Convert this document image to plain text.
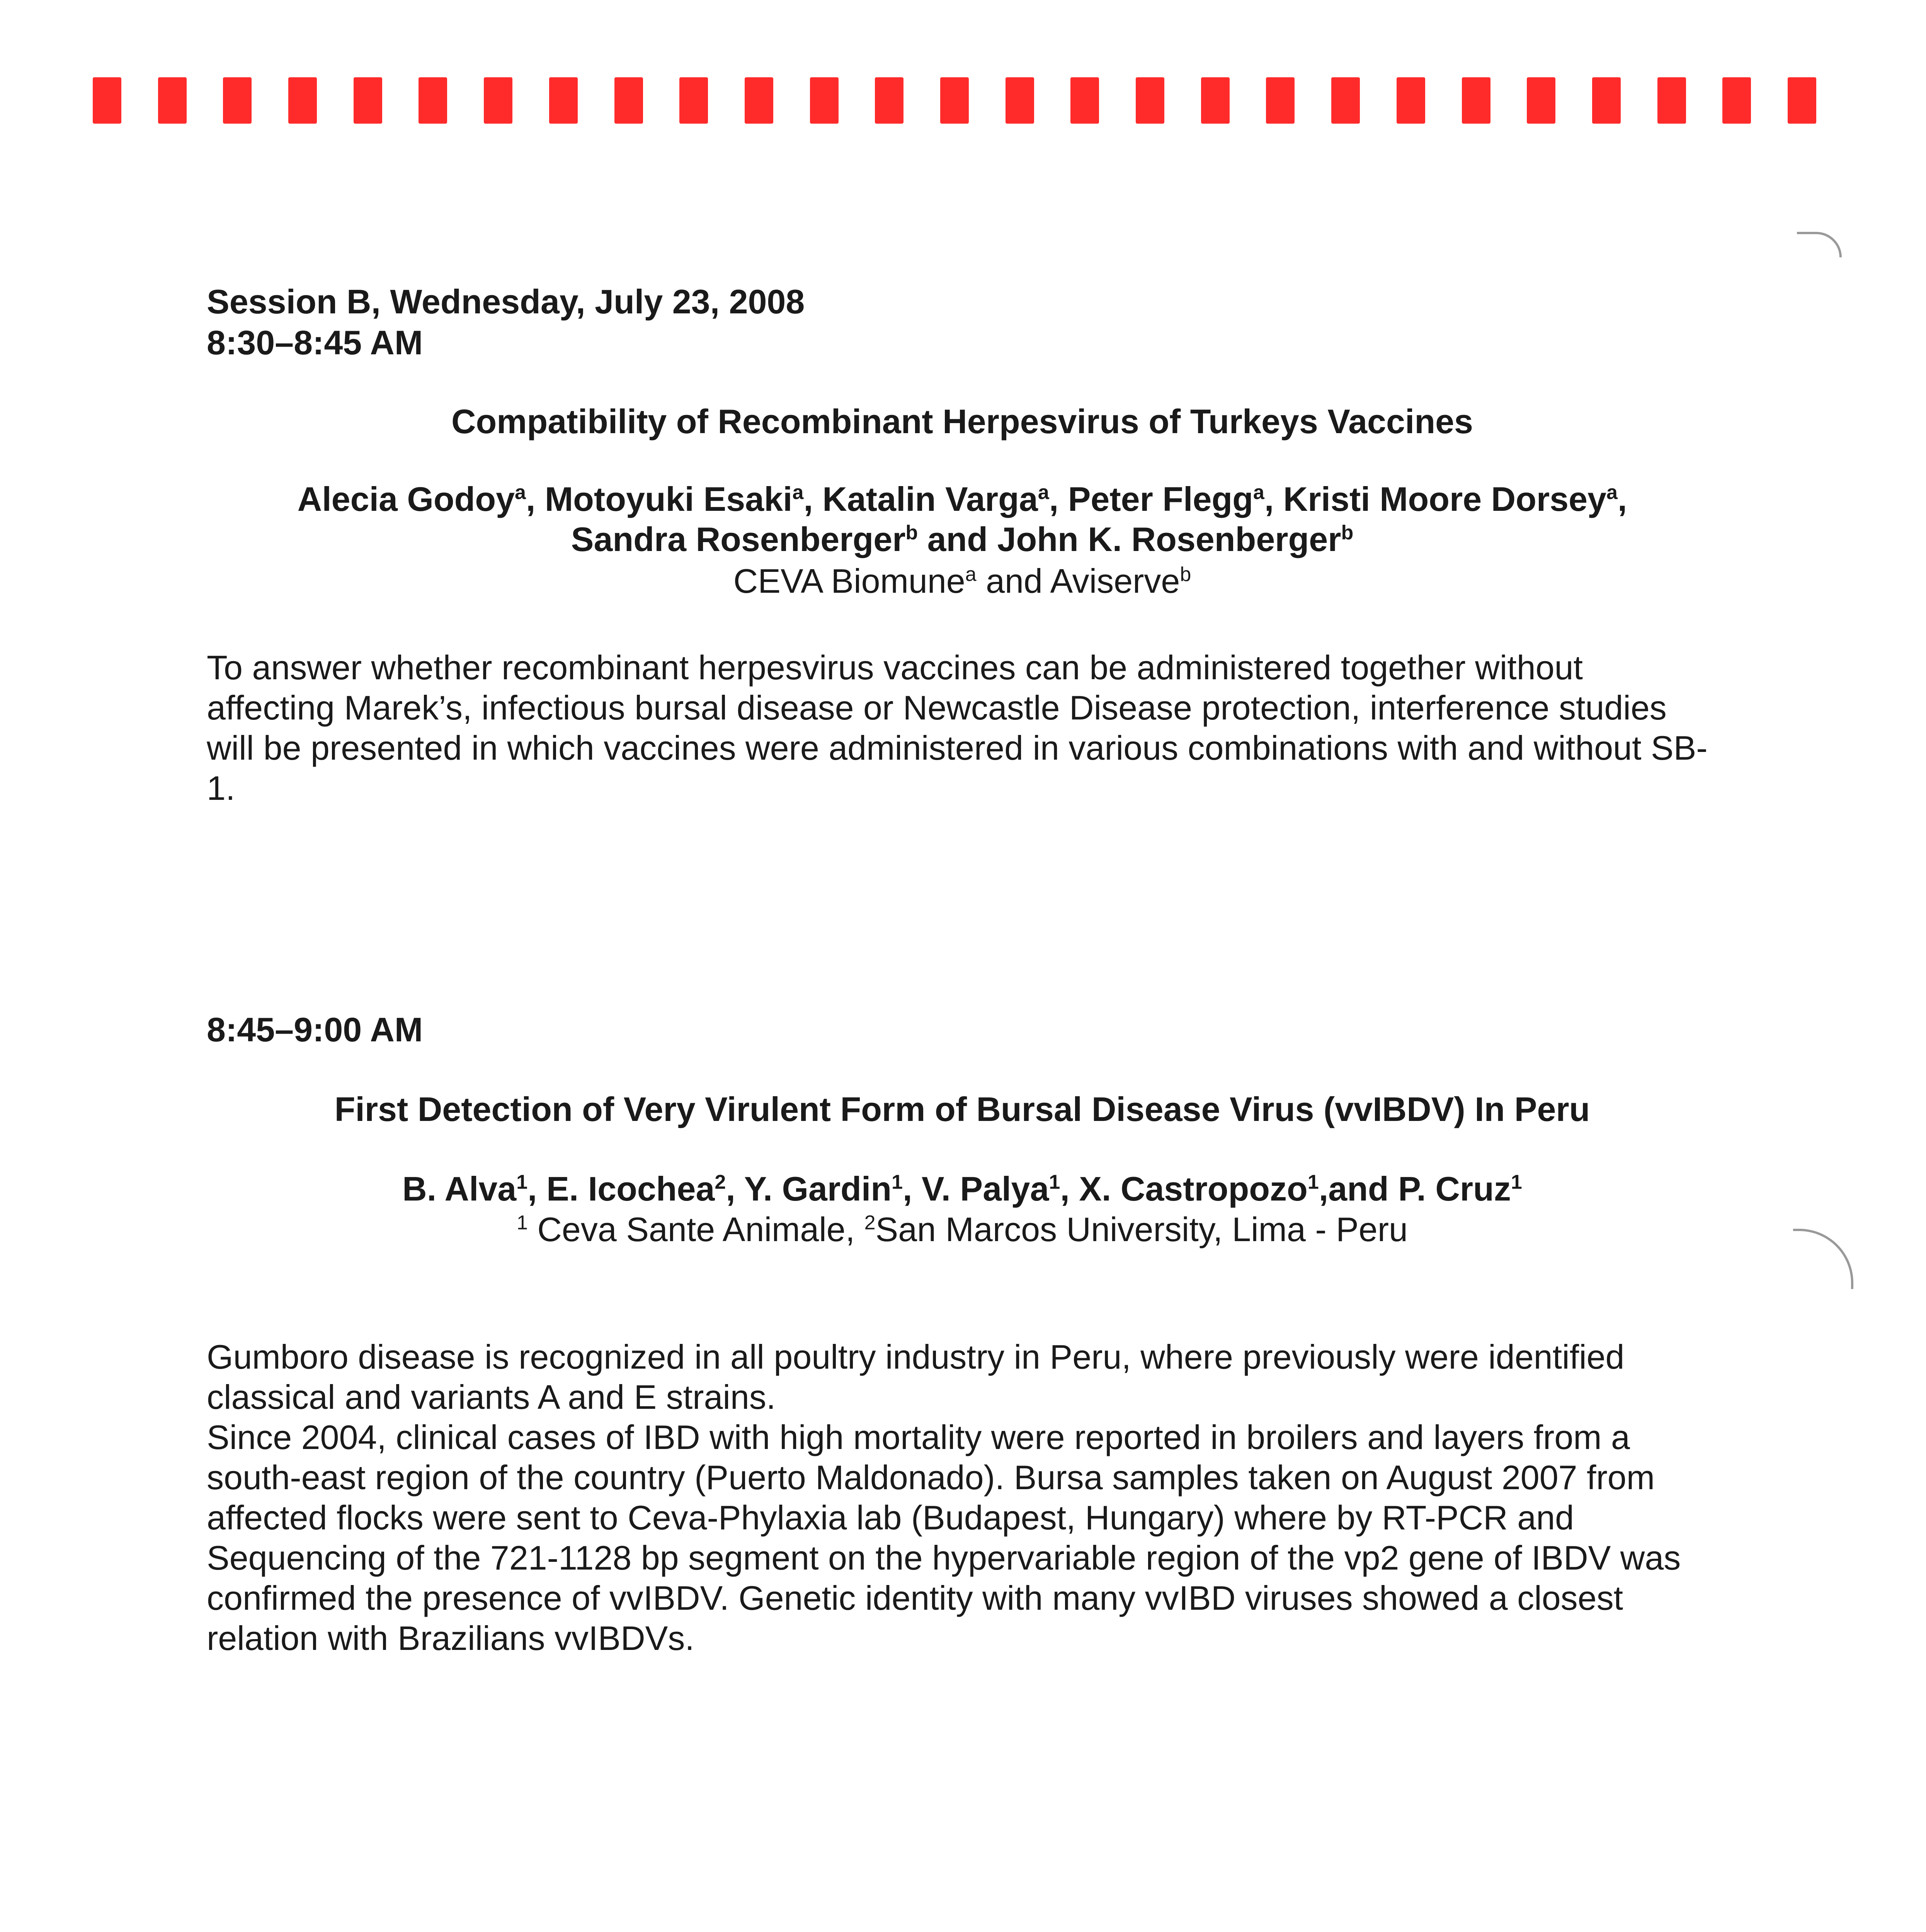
Session B, Wednesday, July 23, 2008
8:30–8:45 AM

Compatibility of Recombinant Herpesvirus of Turkeys Vaccines

Alecia Godoy$^a$, Motoyuki Esaki$^a$, Katalin Varga$^a$, Peter Flegg$^a$, Kristi Moore Dorsey$^a$,
Sandra Rosenberger$^b$ and John K. Rosenberger$^b$
CEVA Biomune$^a$ and Aviserve$^b$
To answer whether recombinant herpesvirus vaccines can be administered together without affecting Marek’s, infectious bursal disease or Newcastle Disease protection, interference studies will be presented in which vaccines were administered in various combinations with and without SB-1.
8:45–9:00 AM

First Detection of Very Virulent Form of Bursal Disease Virus (vvIBDV) In Peru

B. Alva$^1$, E. Icochea$^2$, Y. Gardin$^1$, V. Palya$^1$, X. Castropozo$^1$,and P. Cruz$^1$
$^1$ Ceva Sante Animale, $^2$San Marcos University, Lima - Peru
Gumboro disease is recognized in all poultry industry in Peru, where previously were identified classical and variants A and E strains.
Since 2004, clinical cases of IBD with high mortality were reported in broilers and layers from a south-east region of the country (Puerto Maldonado). Bursa samples taken on August 2007 from affected flocks were sent to Ceva-Phylaxia lab (Budapest, Hungary) where by RT-PCR and Sequencing of the 721-1128 bp segment on the hypervariable region of the vp2 gene of IBDV was confirmed the presence of vvIBDV. Genetic identity with many vvIBD viruses showed a closest relation with Brazilians vvIBDVs.
